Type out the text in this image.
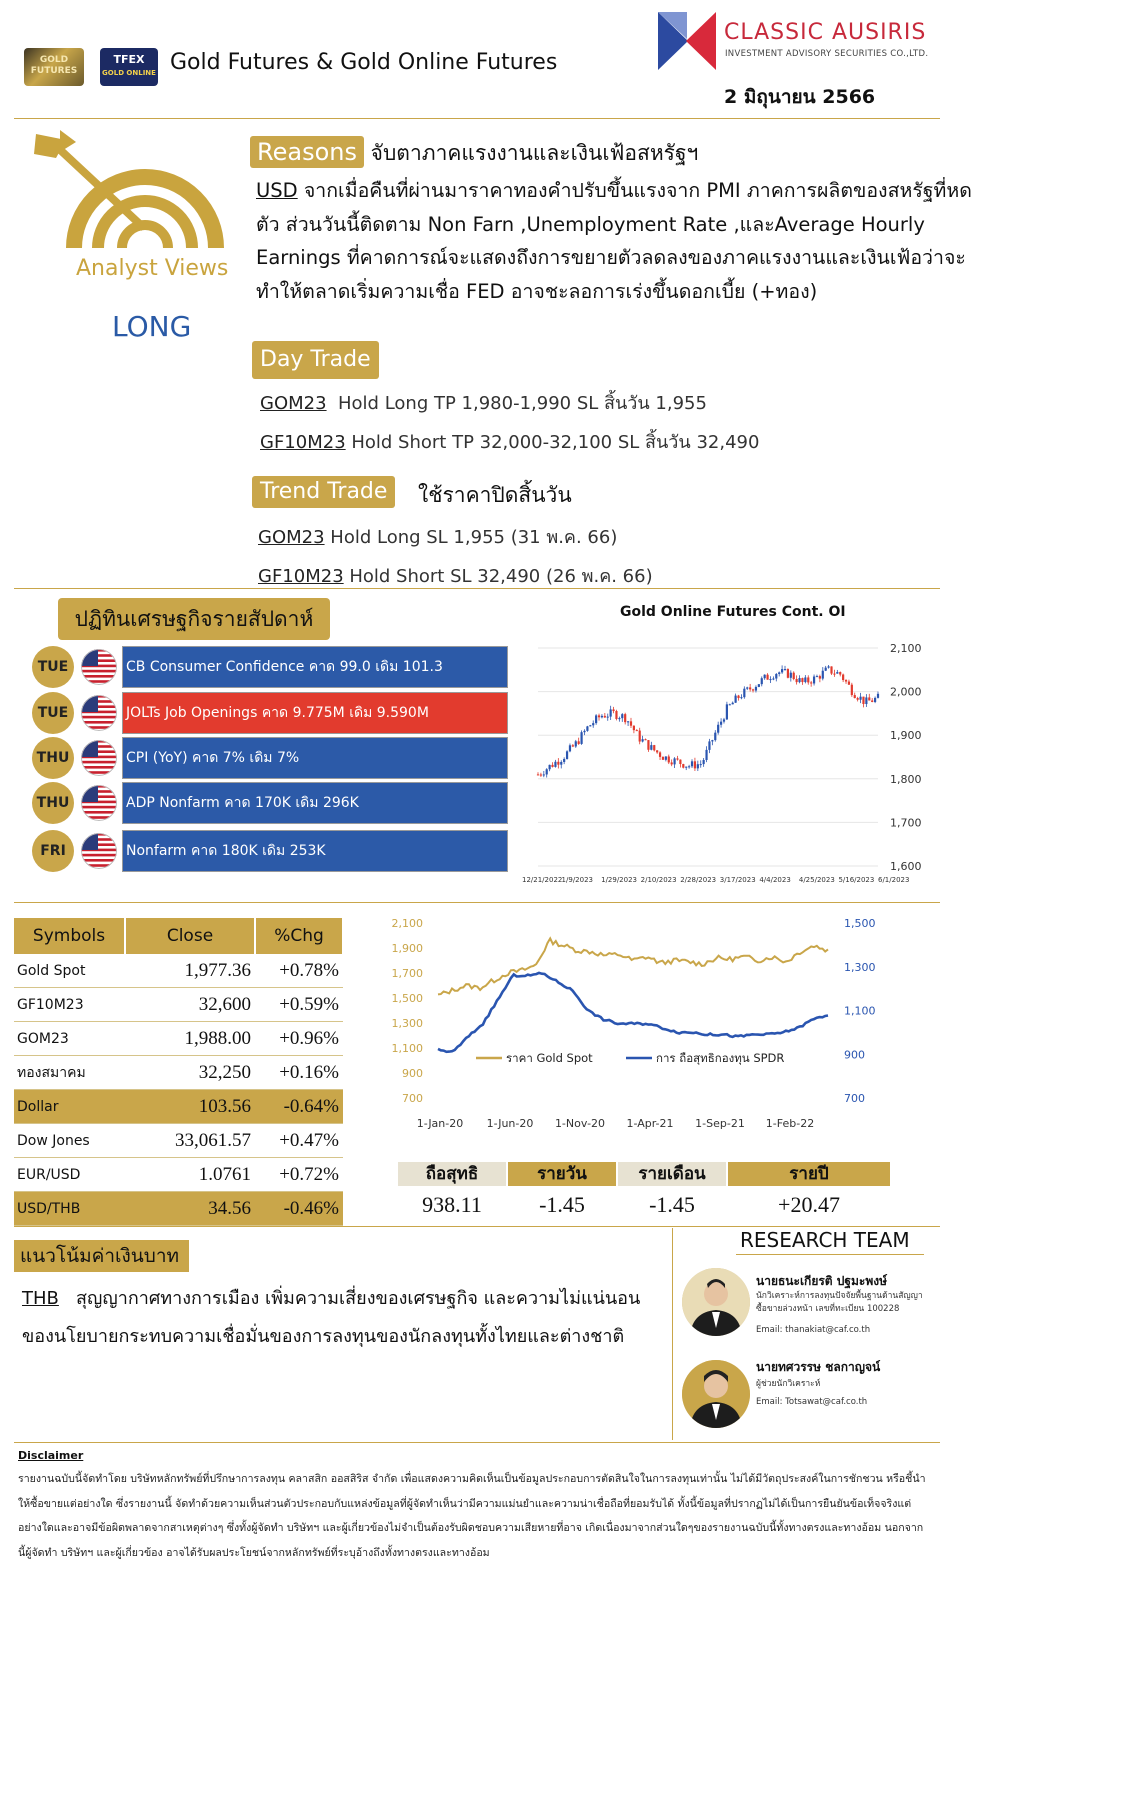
GOLD FUTURES
TFEX
GOLD ONLINE Gold Futures & Gold Online Futures
CLASSIC AUSIRIS
INVESTMENT ADVISORY SECURITIES CO.,LTD.
2 มิถุนายน 2566
Analyst Views
LONG
Reasons จับตาภาคแรงงานและเงินเฟ้อสหรัฐฯ
USD จากเมื่อคืนที่ผ่านมาราคาทองคำปรับขึ้นแรงจาก PMI ภาคการผลิตของสหรัฐที่หดตัว ส่วนวันนี้ติดตาม Non Farn ,Unemployment Rate ,และAverage Hourly Earnings ที่คาดการณ์จะแสดงถึงการขยายตัวลดลงของภาคแรงงานและเงินเฟ้อว่าจะทำให้ตลาดเริ่มความเชื่อ FED อาจชะลอการเร่งขึ้นดอกเบี้ย (+ทอง)
Day Trade
GOM23  Hold Long TP 1,980-1,990 SL สิ้นวัน 1,955
GF10M23 Hold Short TP 32,000-32,100 SL สิ้นวัน 32,490
Trend Trade	ใช้ราคาปิดสิ้นวัน
GOM23 Hold Long SL 1,955 (31 พ.ค. 66)
GF10M23 Hold Short SL 32,490 (26 พ.ค. 66)
ปฏิทินเศรษฐกิจรายสัปดาห์
TUE	CB Consumer Confidence คาด 99.0 เดิม 101.3
TUE	JOLTs Job Openings คาด 9.775M เดิม 9.590M
THU	CPI (YoY) คาด 7% เดิม 7%
THU	ADP Nonfarm คาด 170K เดิม 296K
FRI	Nonfarm คาด 180K เดิม 253K
Gold Online Futures Cont. OI
2,100
2,000
1,900
1,800
1,700
1,600
12/21/2022 1/9/2023 1/29/2023 2/10/2023 2/28/2023 3/17/2023 4/4/2023 4/25/2023 5/16/2023 6/1/2023
Symbols	Close	%Chg
Gold Spot	1,977.36	+0.78%
GF10M23	32,600	+0.59%
GOM23	1,988.00	+0.96%
ทองสมาคม	32,250	+0.16%
Dollar	103.56	-0.64%
Dow Jones	33,061.57	+0.47%
EUR/USD	1.0761	+0.72%
USD/THB	34.56	-0.46%
2,100
1,900
1,700
1,500
1,300
1,100
900
700
1,500
1,300
1,100
900
700
1-Jan-20 1-Jun-20 1-Nov-20 1-Apr-21 1-Sep-21 1-Feb-22
ราคา Gold Spot	การ ถือสุทธิกองทุน SPDR
ถือสุทธิ	รายวัน	รายเดือน	รายปี
938.11	-1.45	-1.45	+20.47
แนวโน้มค่าเงินบาท
THB   สุญญากาศทางการเมือง เพิ่มความเสี่ยงของเศรษฐกิจ และความไม่แน่นอนของนโยบายกระทบความเชื่อมั่นของการลงทุนของนักลงทุนทั้งไทยและต่างชาติ
RESEARCH TEAM
นายธนะเกียรติ ปฐมะพงษ์
นักวิเคราะห์การลงทุนปัจจัยพื้นฐานด้านสัญญาซื้อขายล่วงหน้า เลขที่ทะเบียน 100228
Email: thanakiat@caf.co.th
นายทศวรรษ ชลกาญจน์
ผู้ช่วยนักวิเคราะห์
Email: Totsawat@caf.co.th
Disclaimer
รายงานฉบับนี้จัดทำโดย บริษัทหลักทรัพย์ที่ปรึกษาการลงทุน คลาสสิก ออสสิริส จำกัด เพื่อแสดงความคิดเห็นเป็นข้อมูลประกอบการตัดสินใจในการลงทุนเท่านั้น ไม่ได้มีวัตถุประสงค์ในการชักชวน หรือชี้นำให้ซื้อขายแต่อย่างใด ซึ่งรายงานนี้ จัดทำด้วยความเห็นส่วนตัวประกอบกับแหล่งข้อมูลที่ผู้จัดทำเห็นว่ามีความแม่นยำและความน่าเชื่อถือที่ยอมรับได้ ทั้งนี้ข้อมูลที่ปรากฏไม่ได้เป็นการยืนยันข้อเท็จจริงแต่อย่างใดและอาจมีข้อผิดพลาดจากสาเหตุต่างๆ ซึ่งทั้งผู้จัดทำ บริษัทฯ และผู้เกี่ยวข้องไม่จำเป็นต้องรับผิดชอบความเสียหายที่อาจ เกิดเนื่องมาจากส่วนใดๆของรายงานฉบับนี้ทั้งทางตรงและทางอ้อม นอกจากนี้ผู้จัดทำ บริษัทฯ และผู้เกี่ยวข้อง อาจได้รับผลประโยชน์จากหลักทรัพย์ที่ระบุอ้างถึงทั้งทางตรงและทางอ้อม
